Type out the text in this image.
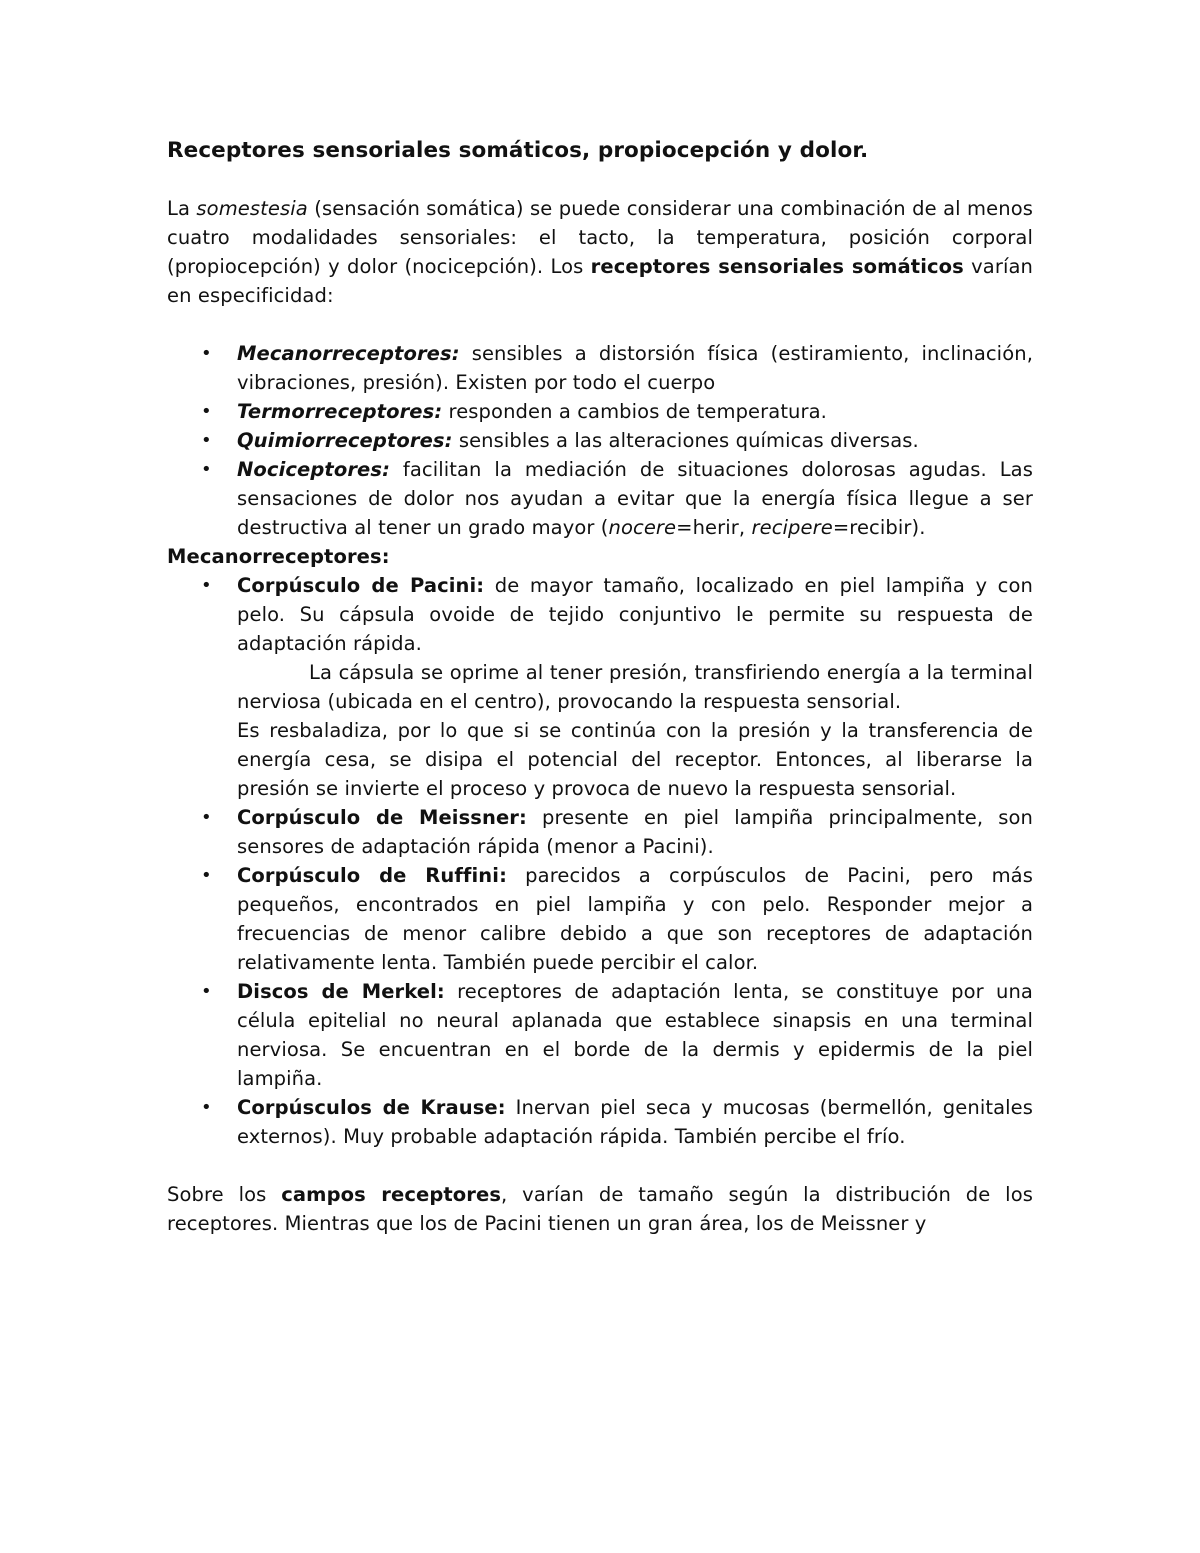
Receptores sensoriales somáticos, propiocepción y dolor.

La somestesia (sensación somática) se puede considerar una combinación de al menos cuatro modalidades sensoriales: el tacto, la temperatura, posición corporal (propiocepción) y dolor (nocicepción). Los receptores sensoriales somáticos varían en especificidad:

• Mecanorreceptores: sensibles a distorsión física (estiramiento, inclinación, vibraciones, presión). Existen por todo el cuerpo
• Termorreceptores: responden a cambios de temperatura.
• Quimiorreceptores: sensibles a las alteraciones químicas diversas.
• Nociceptores: facilitan la mediación de situaciones dolorosas agudas. Las sensaciones de dolor nos ayudan a evitar que la energía física llegue a ser destructiva al tener un grado mayor (nocere=herir, recipere=recibir).

Mecanorreceptores:

• Corpúsculo de Pacini: de mayor tamaño, localizado en piel lampiña y con pelo. Su cápsula ovoide de tejido conjuntivo le permite su respuesta de adaptación rápida.
La cápsula se oprime al tener presión, transfiriendo energía a la terminal nerviosa (ubicada en el centro), provocando la respuesta sensorial.
Es resbaladiza, por lo que si se continúa con la presión y la transferencia de energía cesa, se disipa el potencial del receptor. Entonces, al liberarse la presión se invierte el proceso y provoca de nuevo la respuesta sensorial.
• Corpúsculo de Meissner: presente en piel lampiña principalmente, son sensores de adaptación rápida (menor a Pacini).
• Corpúsculo de Ruffini: parecidos a corpúsculos de Pacini, pero más pequeños, encontrados en piel lampiña y con pelo. Responder mejor a frecuencias de menor calibre debido a que son receptores de adaptación relativamente lenta. También puede percibir el calor.
• Discos de Merkel: receptores de adaptación lenta, se constituye por una célula epitelial no neural aplanada que establece sinapsis en una terminal nerviosa. Se encuentran en el borde de la dermis y epidermis de la piel lampiña.
• Corpúsculos de Krause: Inervan piel seca y mucosas (bermellón, genitales externos). Muy probable adaptación rápida. También percibe el frío.

Sobre los campos receptores, varían de tamaño según la distribución de los receptores. Mientras que los de Pacini tienen un gran área, los de Meissner y
